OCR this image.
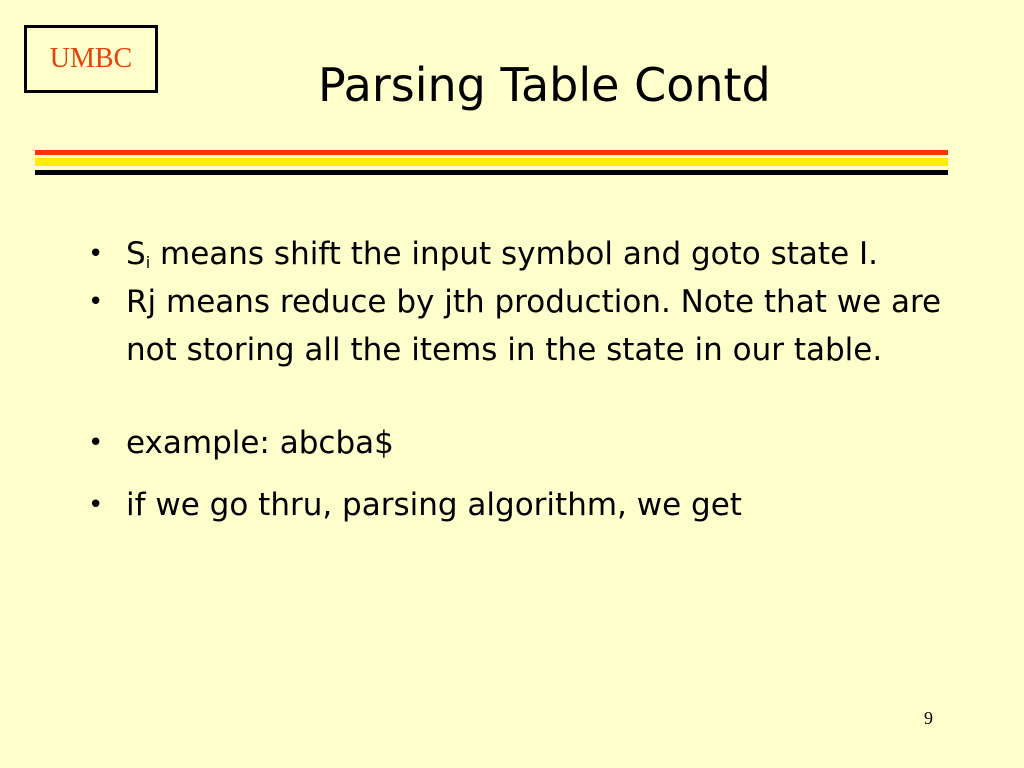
UMBC	Parsing Table Contd
• $S_i$ means shift the input symbol and goto state I.
• Rj means reduce by jth production. Note that we are not storing all the items in the state in our table.
• example: abcba$
• if we go thru, parsing algorithm, we get
9
